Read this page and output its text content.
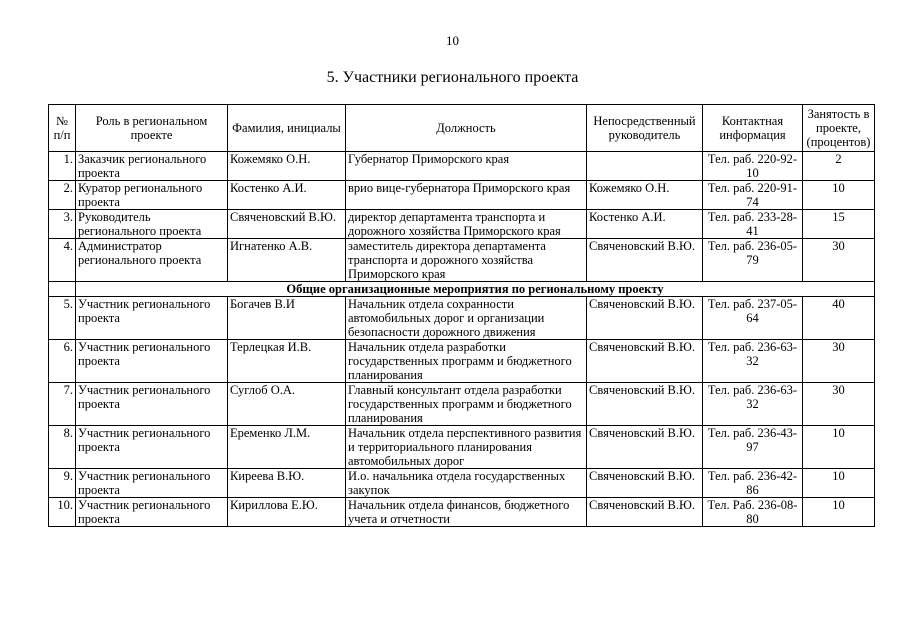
10
5. Участники регионального проекта
№ п/п	Роль в региональном проекте	Фамилия, инициалы	Должность	Непосредственный руководитель	Контактная информация	Занятость в проекте, (процентов)
1.	Заказчик регионального проекта	Кожемяко О.Н.	Губернатор Приморского края		Тел. раб. 220-92-10	2
2.	Куратор регионального проекта	Костенко А.И.	врио вице-губернатора Приморского края	Кожемяко О.Н.	Тел. раб. 220-91-74	10
3.	Руководитель регионального проекта	Свяченовский В.Ю.	директор департамента транспорта и дорожного хозяйства Приморского края	Костенко А.И.	Тел. раб. 233-28-41	15
4.	Администратор регионального проекта	Игнатенко А.В.	заместитель директора департамента транспорта и дорожного хозяйства Приморского края	Свяченовский В.Ю.	Тел. раб. 236-05-79	30
	Общие организационные мероприятия по региональному проекту					
5.	Участник регионального проекта	Богачев В.И	Начальник отдела сохранности автомобильных дорог и организации безопасности дорожного движения	Свяченовский В.Ю.	Тел. раб. 237-05-64	40
6.	Участник регионального проекта	Терлецкая И.В.	Начальник отдела разработки государственных программ и бюджетного планирования	Свяченовский В.Ю.	Тел. раб. 236-63-32	30
7.	Участник регионального проекта	Суглоб О.А.	Главный консультант отдела разработки государственных программ и бюджетного планирования	Свяченовский В.Ю.	Тел. раб. 236-63-32	30
8.	Участник регионального проекта	Еременко Л.М.	Начальник отдела перспективного развития и территориального планирования автомобильных дорог	Свяченовский В.Ю.	Тел. раб. 236-43-97	10
9.	Участник регионального проекта	Киреева В.Ю.	И.о. начальника отдела государственных закупок	Свяченовский В.Ю.	Тел. раб. 236-42-86	10
10.	Участник регионального проекта	Кириллова Е.Ю.	Начальник отдела финансов, бюджетного учета и отчетности	Свяченовский В.Ю.	Тел. Раб. 236-08-80	10
